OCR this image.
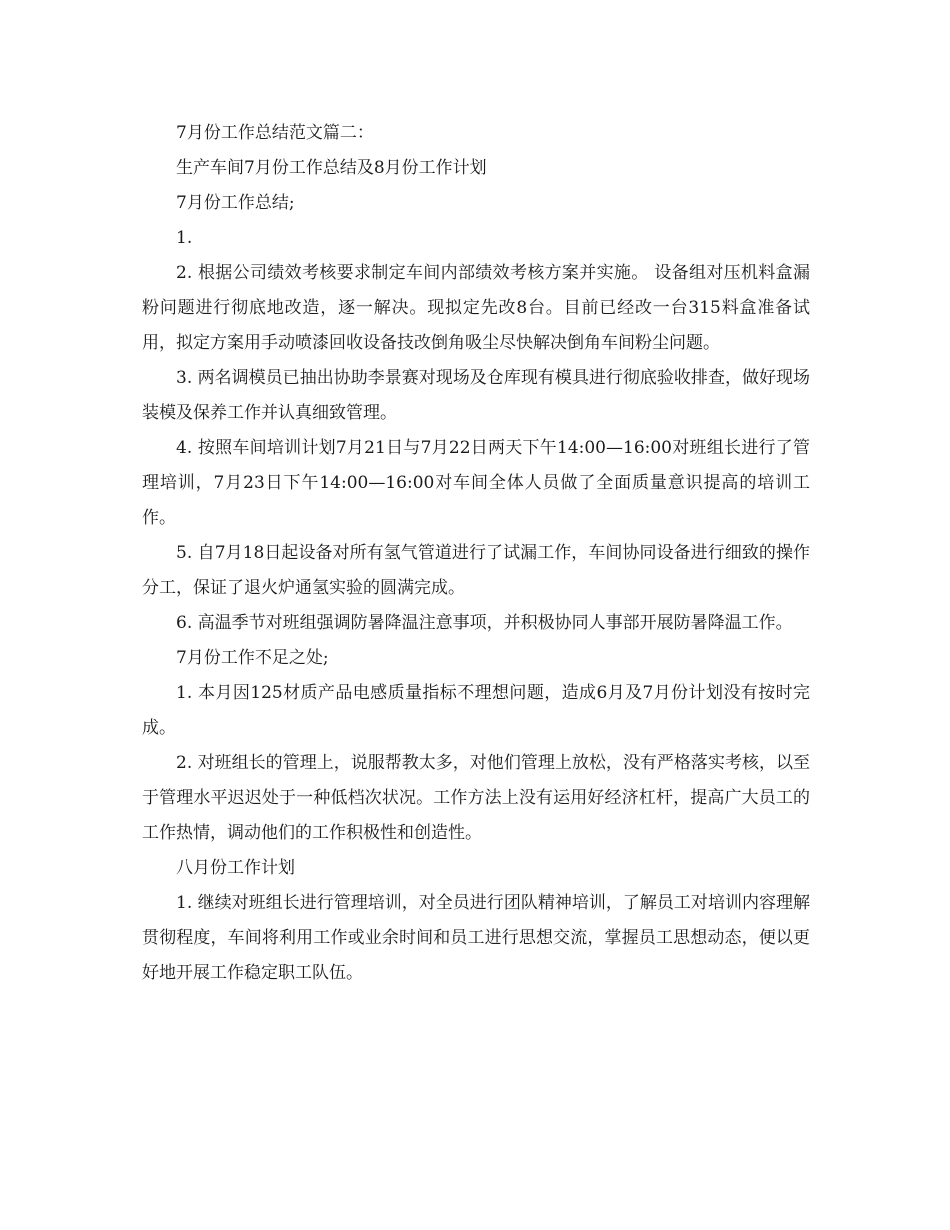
7月份工作总结范文篇二：

生产车间7月份工作总结及8月份工作计划

7月份工作总结;

1.

2. 根据公司绩效考核要求制定车间内部绩效考核方案并实施。 设备组对压机料盒漏粉问题进行彻底地改造，逐一解决。现拟定先改8台。目前已经改一台315料盒准备试用，拟定方案用手动喷漆回收设备技改倒角吸尘尽快解决倒角车间粉尘问题。

3. 两名调模员已抽出协助李景赛对现场及仓库现有模具进行彻底验收排查，做好现场装模及保养工作并认真细致管理。

4. 按照车间培训计划7月21日与7月22日两天下午14:00—16:00对班组长进行了管理培训，7月23日下午14:00—16:00对车间全体人员做了全面质量意识提高的培训工作。

5. 自7月18日起设备对所有氢气管道进行了试漏工作，车间协同设备进行细致的操作分工，保证了退火炉通氢实验的圆满完成。

6. 高温季节对班组强调防暑降温注意事项，并积极协同人事部开展防暑降温工作。

7月份工作不足之处;

1. 本月因125材质产品电感质量指标不理想问题，造成6月及7月份计划没有按时完成。

2. 对班组长的管理上，说服帮教太多，对他们管理上放松，没有严格落实考核，以至于管理水平迟迟处于一种低档次状况。工作方法上没有运用好经济杠杆，提高广大员工的工作热情，调动他们的工作积极性和创造性。

八月份工作计划

1. 继续对班组长进行管理培训，对全员进行团队精神培训，了解员工对培训内容理解贯彻程度，车间将利用工作或业余时间和员工进行思想交流，掌握员工思想动态，便以更好地开展工作稳定职工队伍。
